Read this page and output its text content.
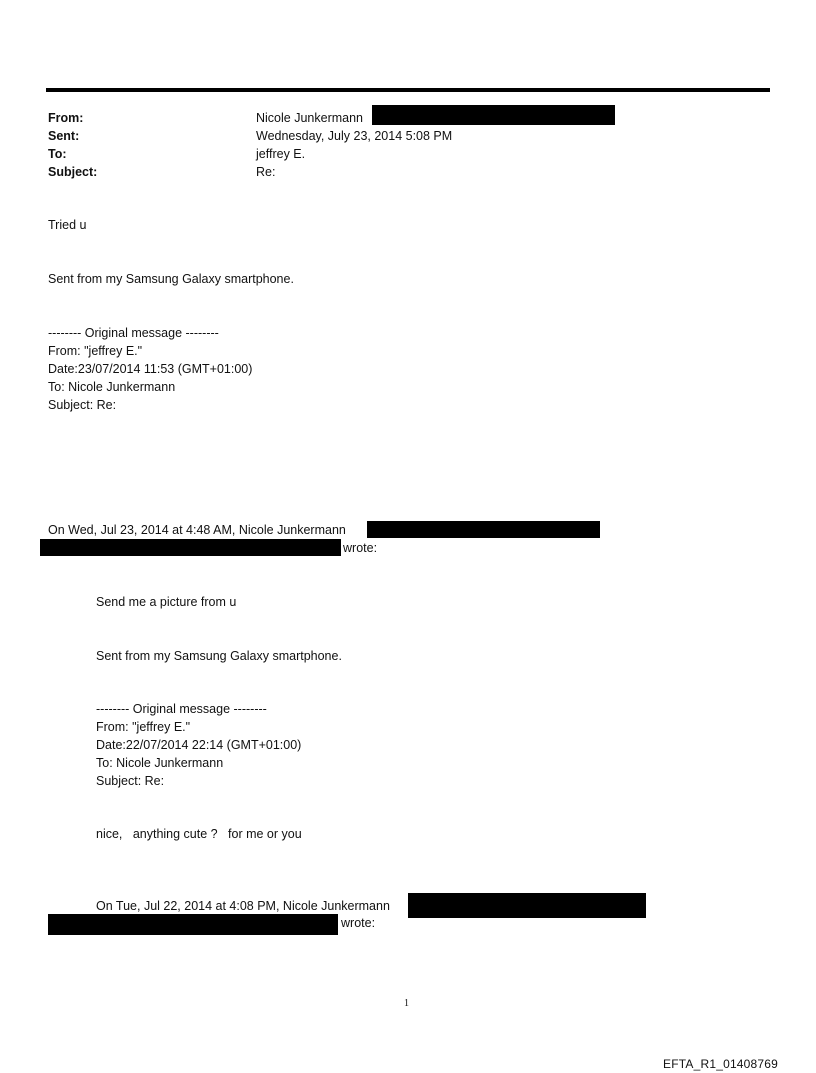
From:	Nicole Junkermann
Sent:	Wednesday, July 23, 2014 5:08 PM
To:	jeffrey E.
Subject:	Re:
Tried u
Sent from my Samsung Galaxy smartphone.
-------- Original message --------
From: "jeffrey E."
Date:23/07/2014 11:53 (GMT+01:00)
To: Nicole Junkermann
Subject: Re:
On Wed, Jul 23, 2014 at 4:48 AM, Nicole Junkermann
wrote:
Send me a picture from u
Sent from my Samsung Galaxy smartphone.
-------- Original message --------
From: "jeffrey E."
Date:22/07/2014 22:14 (GMT+01:00)
To: Nicole Junkermann
Subject: Re:
nice,   anything cute ?   for me or you
On Tue, Jul 22, 2014 at 4:08 PM, Nicole Junkermann
wrote:
1
EFTA_R1_01408769
